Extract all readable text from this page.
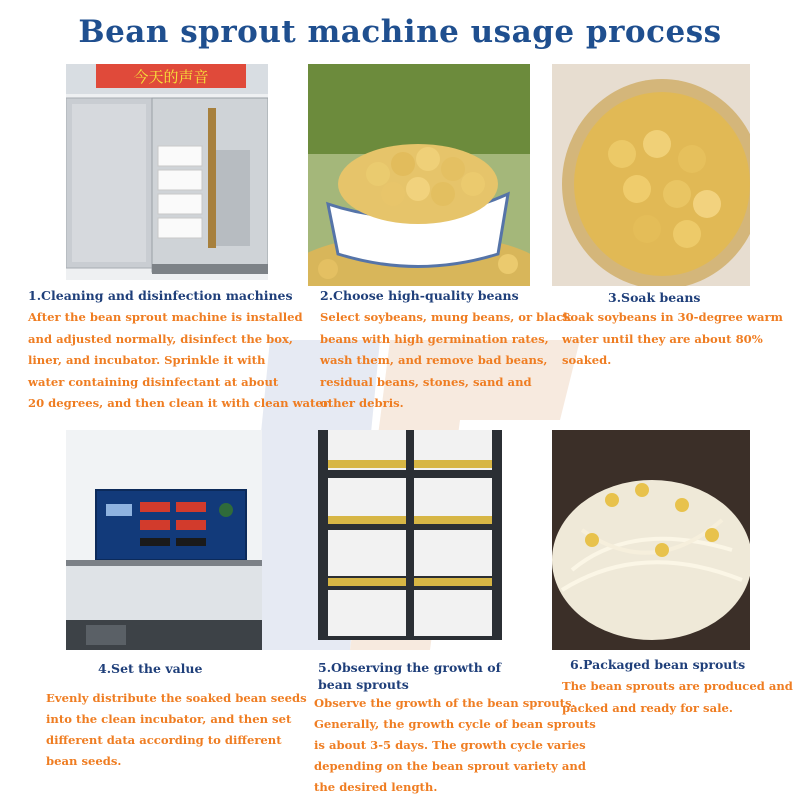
Bean sprout machine usage process
今天的声音
1.Cleaning and disinfection machines
After the bean sprout machine is installed
and adjusted normally, disinfect the box,
liner, and incubator. Sprinkle it with
water containing disinfectant at about
20 degrees, and then clean it with clean water.
2.Choose high-quality beans
Select soybeans, mung beans, or black
beans with high germination rates,
wash them, and remove bad beans,
residual beans, stones, sand and
other debris.
3.Soak beans
Soak soybeans in 30-degree warm
water until they are about 80% soaked.
4.Set the value
Evenly distribute the soaked bean seeds
into the clean incubator, and then set
different data according to different
bean seeds.
5.Observing the growth of
bean sprouts
Observe the growth of the bean sprouts.
Generally, the growth cycle of bean sprouts
is about 3-5 days. The growth cycle varies
depending on the bean sprout variety and
the desired length.
6.Packaged bean sprouts
The bean sprouts are produced and
packed and ready for sale.
